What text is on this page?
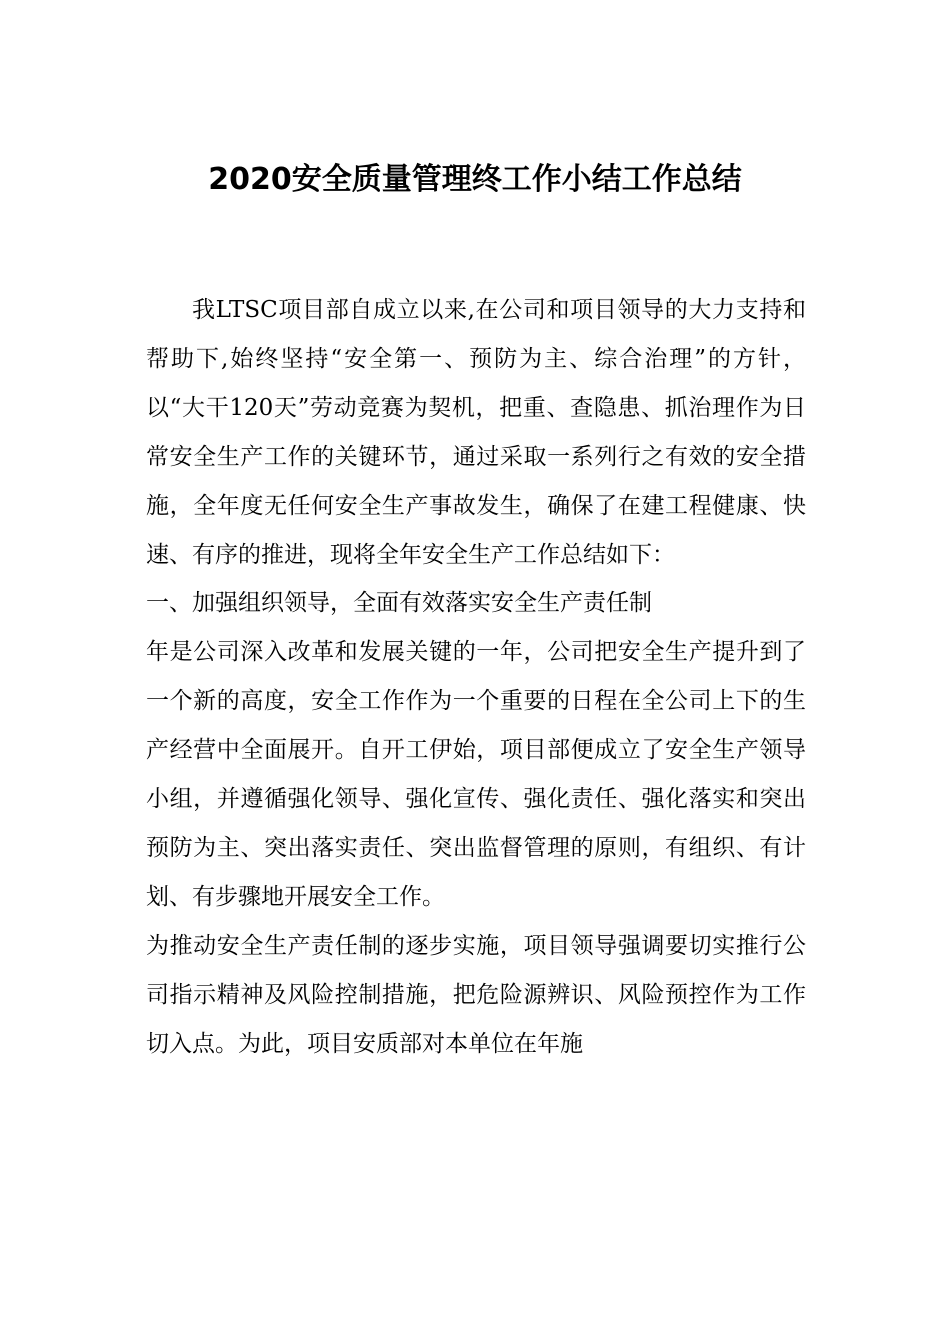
2020安全质量管理终工作小结工作总结

我LTSC项目部自成立以来,在公司和项目领导的大力支持和帮助下,始终坚持“安全第一、预防为主、综合治理”的方针，以“大干120天”劳动竞赛为契机，把重、查隐患、抓治理作为日常安全生产工作的关键环节，通过采取一系列行之有效的安全措施，全年度无任何安全生产事故发生，确保了在建工程健康、快速、有序的推进，现将全年安全生产工作总结如下：

一、加强组织领导，全面有效落实安全生产责任制

年是公司深入改革和发展关键的一年，公司把安全生产提升到了一个新的高度，安全工作作为一个重要的日程在全公司上下的生产经营中全面展开。自开工伊始，项目部便成立了安全生产领导小组，并遵循强化领导、强化宣传、强化责任、强化落实和突出预防为主、突出落实责任、突出监督管理的原则，有组织、有计划、有步骤地开展安全工作。

为推动安全生产责任制的逐步实施，项目领导强调要切实推行公司指示精神及风险控制措施，把危险源辨识、风险预控作为工作切入点。为此，项目安质部对本单位在年施
